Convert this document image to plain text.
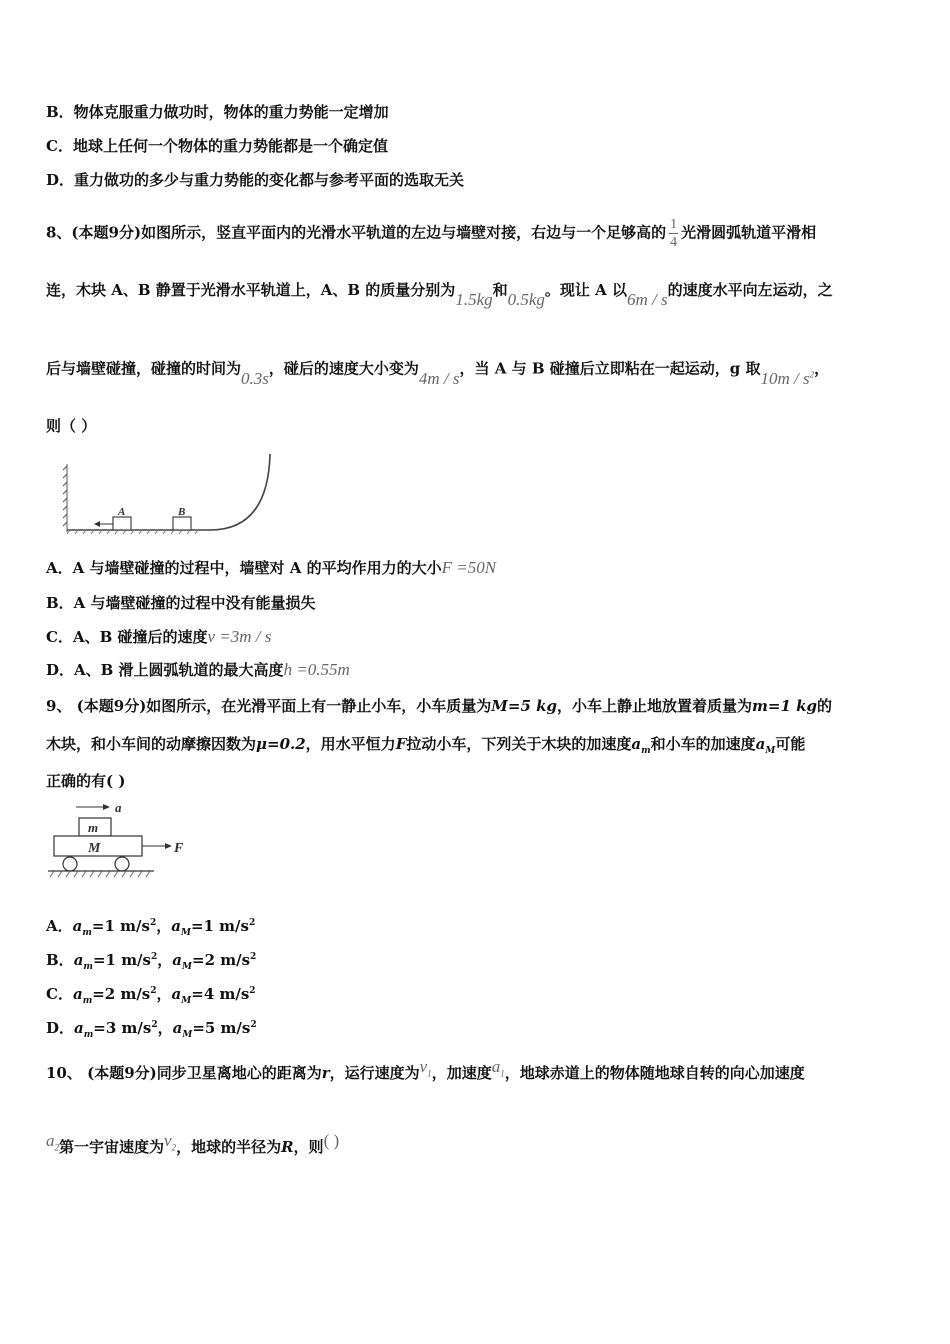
B．物体克服重力做功时，物体的重力势能一定增加
C．地球上任何一个物体的重力势能都是一个确定值
D．重力做功的多少与重力势能的变化都与参考平面的选取无关
8、(本题9分)如图所示，竖直平面内的光滑水平轨道的左边与墙壁对接，右边与一个足够高的 $\frac{1}{4}$ 光滑圆弧轨道平滑相
连，木块 A、B 静置于光滑水平轨道上，A、B 的质量分别为1.5kg和0.5kg。现让 A 以6m / s的速度水平向左运动，之
后与墙壁碰撞，碰撞的时间为0.3s，碰后的速度大小变为4m / s，当 A 与 B 碰撞后立即粘在一起运动，g 取$10m / s^2$，
则（ ）
A	B
A．A 与墙壁碰撞的过程中，墙壁对 A 的平均作用力的大小F =50N
B．A 与墙壁碰撞的过程中没有能量损失
C．A、B 碰撞后的速度v =3m / s
D．A、B 滑上圆弧轨道的最大高度h =0.55m
9、 (本题9分)如图所示，在光滑平面上有一静止小车，小车质量为M=5 kg，小车上静止地放置着质量为m=1 kg的
木块，和小车间的动摩擦因数为μ=0.2，用水平恒力F拉动小车，下列关于木块的加速度$a_m$和小车的加速度$a_M$可能
正确的有( )
a
m
M	F
A．$a_m=1$ $m/s^2$，$a_M=1$ $m/s^2$
B．$a_m=1$ $m/s^2$，$a_M=2$ $m/s^2$
C．$a_m=2$ $m/s^2$，$a_M=4$ $m/s^2$
D．$a_m=3$ $m/s^2$，$a_M=5$ $m/s^2$
10、 (本题9分)同步卫星离地心的距离为r，运行速度为$v_1$，加速度$a_1$，地球赤道上的物体随地球自转的向心加速度
$a_2$第一宇宙速度为$v_2$，地球的半径为R，则( )
